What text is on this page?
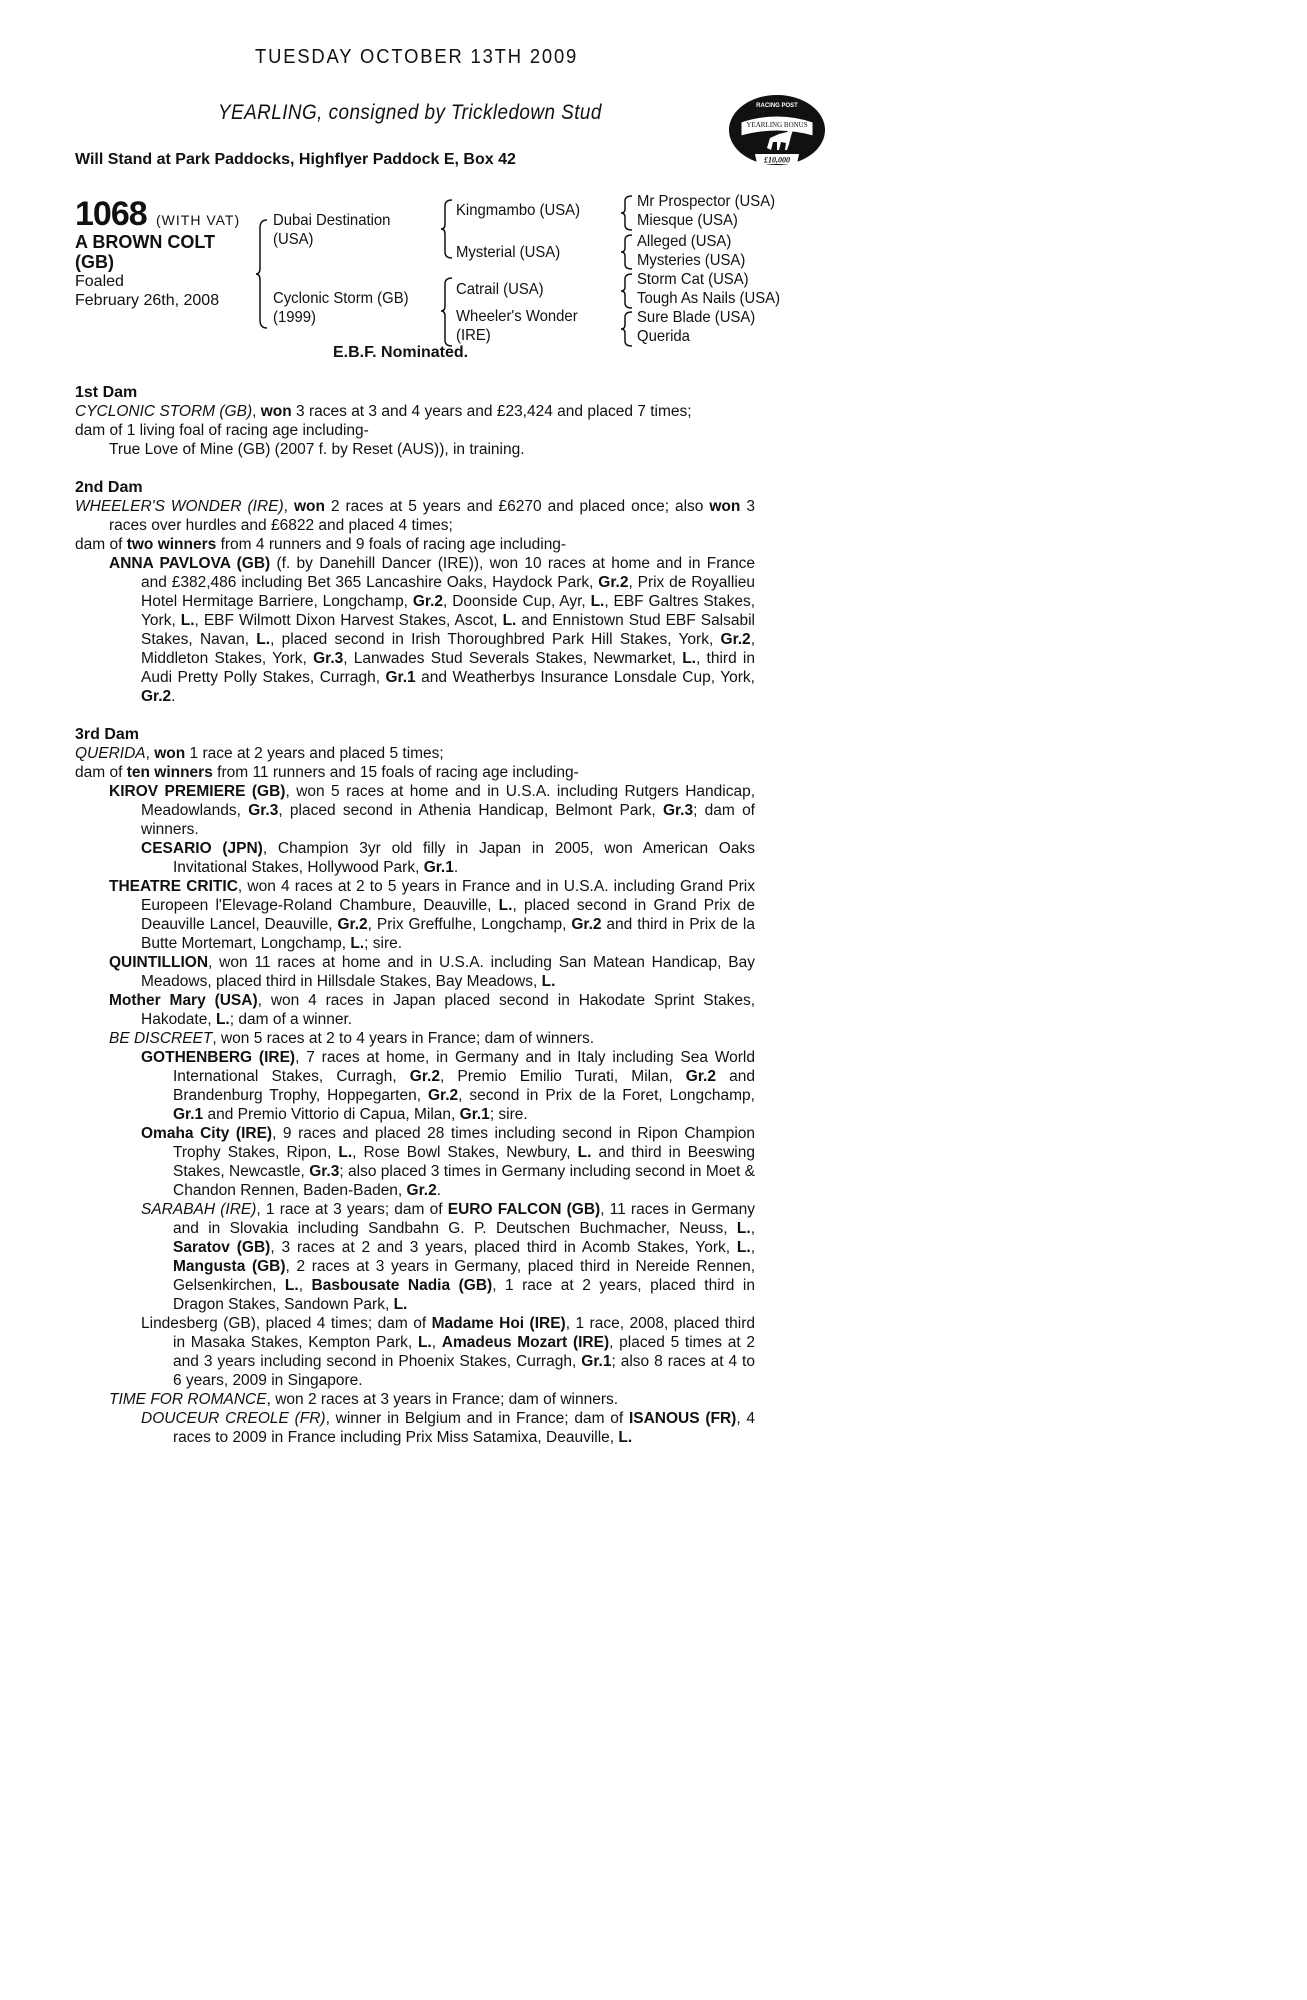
TUESDAY OCTOBER 13TH 2009
YEARLING, consigned by Trickledown Stud
Will Stand at Park Paddocks, Highflyer Paddock E, Box 42
RACING POST
YEARLING BONUS
£10,000
1068 (WITH VAT)
A BROWN COLT (GB)
Foaled
February 26th, 2008
Dubai Destination (USA)
Cyclonic Storm (GB) (1999)
Kingmambo (USA)
Mysterial (USA)
Catrail (USA)
Wheeler's Wonder (IRE)
Mr Prospector (USA)
Miesque (USA)
Alleged (USA)
Mysteries (USA)
Storm Cat (USA)
Tough As Nails (USA)
Sure Blade (USA)
Querida
E.B.F. Nominated.
1st Dam
CYCLONIC STORM (GB), won 3 races at 3 and 4 years and £23,424 and placed 7 times;
dam of 1 living foal of racing age including-
True Love of Mine (GB) (2007 f. by Reset (AUS)), in training.
2nd Dam
WHEELER'S WONDER (IRE), won 2 races at 5 years and £6270 and placed once; also won 3 races over hurdles and £6822 and placed 4 times;
dam of two winners from 4 runners and 9 foals of racing age including-
ANNA PAVLOVA (GB) (f. by Danehill Dancer (IRE)), won 10 races at home and in France and £382,486 including Bet 365 Lancashire Oaks, Haydock Park, Gr.2, Prix de Royallieu Hotel Hermitage Barriere, Longchamp, Gr.2, Doonside Cup, Ayr, L., EBF Galtres Stakes, York, L., EBF Wilmott Dixon Harvest Stakes, Ascot, L. and Ennistown Stud EBF Salsabil Stakes, Navan, L., placed second in Irish Thoroughbred Park Hill Stakes, York, Gr.2, Middleton Stakes, York, Gr.3, Lanwades Stud Severals Stakes, Newmarket, L., third in Audi Pretty Polly Stakes, Curragh, Gr.1 and Weatherbys Insurance Lonsdale Cup, York, Gr.2.
3rd Dam
QUERIDA, won 1 race at 2 years and placed 5 times;
dam of ten winners from 11 runners and 15 foals of racing age including-
KIROV PREMIERE (GB), won 5 races at home and in U.S.A. including Rutgers Handicap, Meadowlands, Gr.3, placed second in Athenia Handicap, Belmont Park, Gr.3; dam of winners.
CESARIO (JPN), Champion 3yr old filly in Japan in 2005, won American Oaks Invitational Stakes, Hollywood Park, Gr.1.
THEATRE CRITIC, won 4 races at 2 to 5 years in France and in U.S.A. including Grand Prix Europeen l'Elevage-Roland Chambure, Deauville, L., placed second in Grand Prix de Deauville Lancel, Deauville, Gr.2, Prix Greffulhe, Longchamp, Gr.2 and third in Prix de la Butte Mortemart, Longchamp, L.; sire.
QUINTILLION, won 11 races at home and in U.S.A. including San Matean Handicap, Bay Meadows, placed third in Hillsdale Stakes, Bay Meadows, L.
Mother Mary (USA), won 4 races in Japan placed second in Hakodate Sprint Stakes, Hakodate, L.; dam of a winner.
BE DISCREET, won 5 races at 2 to 4 years in France; dam of winners.
GOTHENBERG (IRE), 7 races at home, in Germany and in Italy including Sea World International Stakes, Curragh, Gr.2, Premio Emilio Turati, Milan, Gr.2 and Brandenburg Trophy, Hoppegarten, Gr.2, second in Prix de la Foret, Longchamp, Gr.1 and Premio Vittorio di Capua, Milan, Gr.1; sire.
Omaha City (IRE), 9 races and placed 28 times including second in Ripon Champion Trophy Stakes, Ripon, L., Rose Bowl Stakes, Newbury, L. and third in Beeswing Stakes, Newcastle, Gr.3; also placed 3 times in Germany including second in Moet & Chandon Rennen, Baden-Baden, Gr.2.
SARABAH (IRE), 1 race at 3 years; dam of EURO FALCON (GB), 11 races in Germany and in Slovakia including Sandbahn G. P. Deutschen Buchmacher, Neuss, L., Saratov (GB), 3 races at 2 and 3 years, placed third in Acomb Stakes, York, L., Mangusta (GB), 2 races at 3 years in Germany, placed third in Nereide Rennen, Gelsenkirchen, L., Basbousate Nadia (GB), 1 race at 2 years, placed third in Dragon Stakes, Sandown Park, L.
Lindesberg (GB), placed 4 times; dam of Madame Hoi (IRE), 1 race, 2008, placed third in Masaka Stakes, Kempton Park, L., Amadeus Mozart (IRE), placed 5 times at 2 and 3 years including second in Phoenix Stakes, Curragh, Gr.1; also 8 races at 4 to 6 years, 2009 in Singapore.
TIME FOR ROMANCE, won 2 races at 3 years in France; dam of winners.
DOUCEUR CREOLE (FR), winner in Belgium and in France; dam of ISANOUS (FR), 4 races to 2009 in France including Prix Miss Satamixa, Deauville, L.
